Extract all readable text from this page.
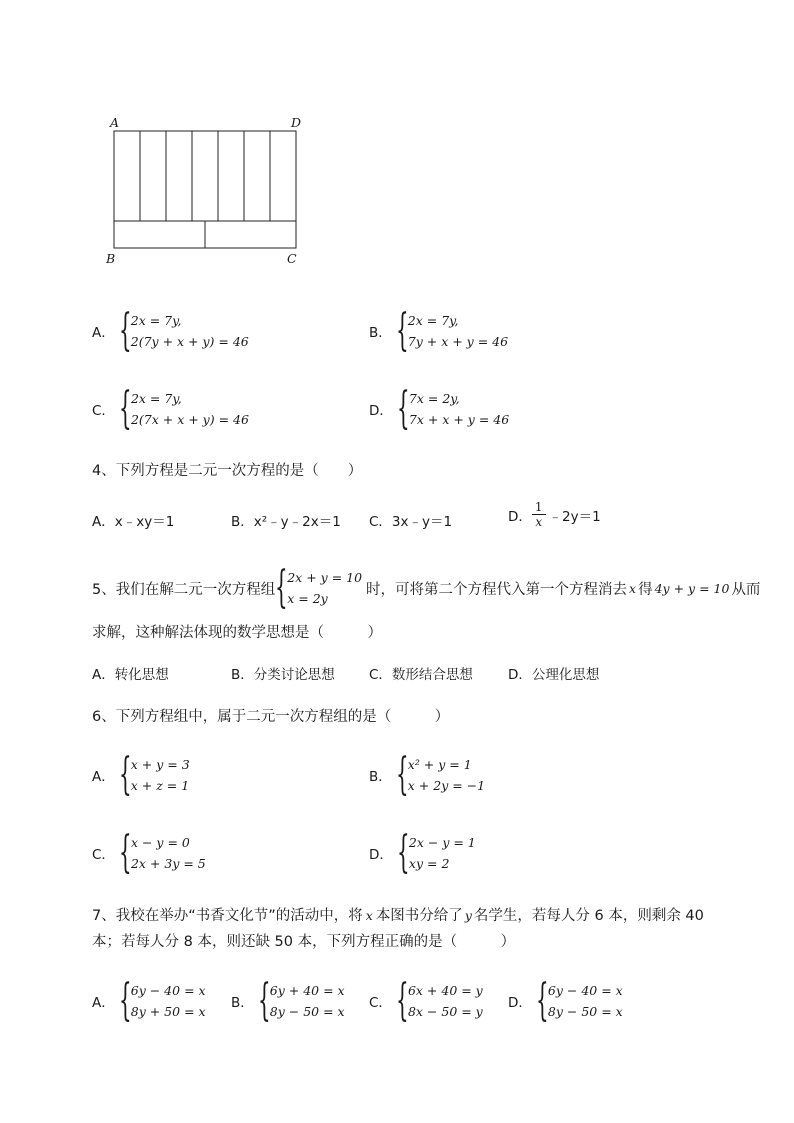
A	D
B	C
A． { 2x = 7y,
2(7y + x + y) = 46
B． { 2x = 7y,
7y + x + y = 46
C． { 2x = 7y,
2(7x + x + y) = 46
D． { 7x = 2y,
7x + x + y = 46
4、下列方程是二元一次方程的是（　　）
A．x﹣xy＝1	B．x²﹣y﹣2x＝1 C．3x﹣y＝1	D． $\frac{1}{x}$ ﹣2y＝1
5、我们在解二元一次方程组 { 2x + y = 10
x = 2y
时，可将第二个方程代入第一个方程消去 x 得 4y + y = 10 从而
求解，这种解法体现的数学思想是（　　　）
A．转化思想	B．分类讨论思想	C．数形结合思想	D．公理化思想
6、下列方程组中，属于二元一次方程组的是（　　　）
A． { x + y = 3
x + z = 1
B． { x² + y = 1
x + 2y = −1
C． { x − y = 0
2x + 3y = 5
D． { 2x − y = 1
xy = 2
7、我校在举办“书香文化节”的活动中，将 x 本图书分给了 y 名学生，若每人分 6 本，则剩余 40
本；若每人分 8 本，则还缺 50 本，下列方程正确的是（　　　）
A． { 6y − 40 = x
8y + 50 = x
B． { 6y + 40 = x
8y − 50 = x
C． { 6x + 40 = y
8x − 50 = y
D． { 6y − 40 = x
8y − 50 = x
